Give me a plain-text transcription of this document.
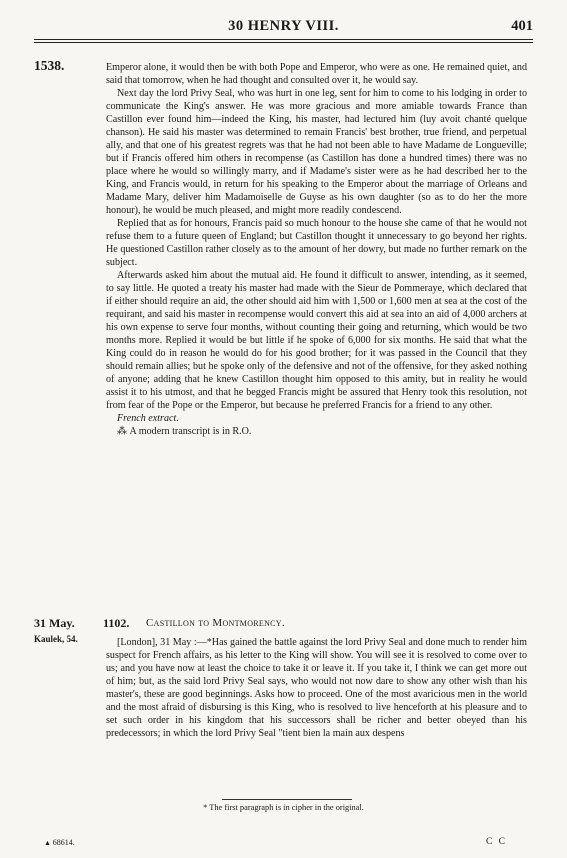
30 HENRY VIII.	401
1538.	Emperor alone, it would then be with both Pope and Emperor, who were as one. He remained quiet, and said that tomorrow, when he had thought and consulted over it, he would say.

Next day the lord Privy Seal, who was hurt in one leg, sent for him to come to his lodging in order to communicate the King's answer. He was more gracious and more amiable towards France than Castillon ever found him—indeed the King, his master, had lectured him (luy avoit chanté quelque chanson). He said his master was determined to remain Francis' best brother, true friend, and perpetual ally, and that one of his greatest regrets was that he had not been able to have Madame de Longueville; but if Francis offered him others in recompense (as Castillon has done a hundred times) there was no place where he would so willingly marry, and if Madame's sister were as he had described her to the King, and Francis would, in return for his speaking to the Emperor about the marriage of Orleans and Madame Mary, deliver him Madamoiselle de Guyse as his own daughter (so as to do her the more honour), he would be much pleased, and might more readily condescend.

Replied that as for honours, Francis paid so much honour to the house she came of that he would not refuse them to a future queen of England; but Castillon thought it unnecessary to go beyond her rights. He questioned Castillon rather closely as to the amount of her dowry, but made no further remark on the subject.

Afterwards asked him about the mutual aid. He found it difficult to answer, intending, as it seemed, to say little. He quoted a treaty his master had made with the Sieur de Pommeraye, which declared that if either should require an aid, the other should aid him with 1,500 or 1,600 men at sea at the cost of the requirant, and said his master in recompense would convert this aid at sea into an aid of 4,000 archers at his own expense to serve four months, without counting their going and returning, which would be two months more. Replied it would be but little if he spoke of 6,000 for six months. He said that what the King could do in reason he would do for his good brother; for it was passed in the Council that they should remain allies; but he spoke only of the defensive and not of the offensive, for they asked nothing of anyone; adding that he knew Castillon thought him opposed to this amity, but in reality he would assist it to his utmost, and that he begged Francis might be assured that Henry took this resolution, not from fear of the Pope or the Emperor, but because he preferred Francis for a friend to any other.

French extract.

⁂ A modern transcript is in R.O.

31 May. 1102. Castillon to Montmorency.
Kaulek, 54.	[London], 31 May :—*Has gained the battle against the lord Privy Seal and done much to render him suspect for French affairs, as his letter to the King will show. You will see it is resolved to come over to us; and you have now at least the choice to take it or leave it. If you take it, I think we can get more out of him; but, as the said lord Privy Seal says, who would not now dare to show any other wish than his master's, these are good beginnings. Asks how to proceed. One of the most avaricious men in the world and the most afraid of disbursing is this King, who is resolved to live henceforth at his pleasure and to set such order in his kingdom that his successors shall be richer and better obeyed than his predecessors; in which the lord Privy Seal "tient bien la main aux despens

* The first paragraph is in cipher in the original.
▲ 68614.	C C
